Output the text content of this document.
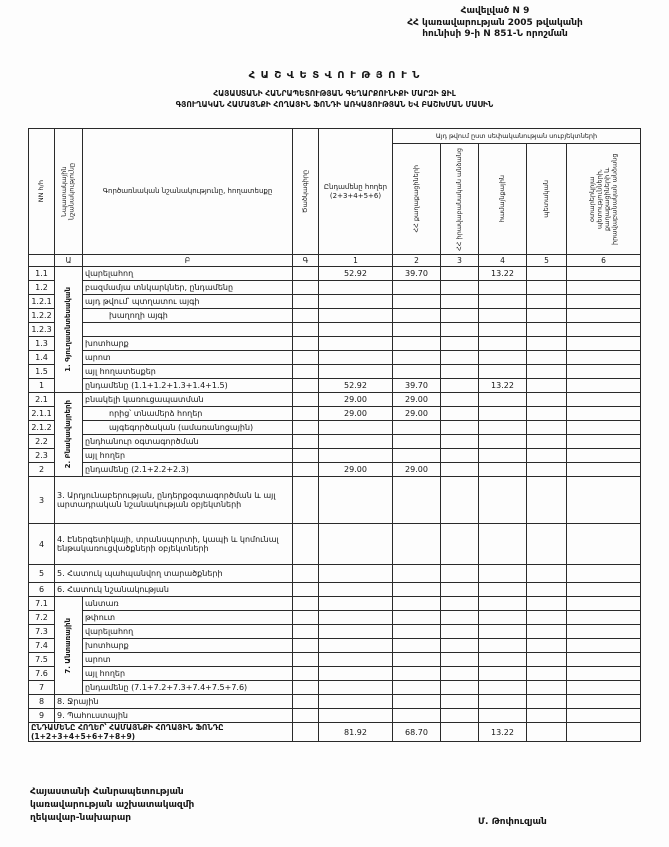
Հավելված N 9
ՀՀ կառավարության 2005 թվականի
հունիսի 9-ի N 851-Ն որոշման
Հ Ա Շ Վ Ե Տ Վ Ո Ւ Թ Յ Ո Ւ Ն
ՀԱՅԱՍՏԱՆԻ ՀԱՆՐԱՊԵՏՈՒԹՅԱՆ ԳԵՂԱՐՔՈՒՆԻՔԻ ՄԱՐԶԻ ՋԻԼ
ԳՅՈՒՂԱԿԱՆ ՀԱՄԱՅՆՔԻ ՀՈՂԱՅԻՆ ՖՈՆԴԻ ԱՌԿԱՅՈՒԹՅԱՆ ԵՎ ԲԱՇԽՄԱՆ ՄԱՍԻՆ
NN հ/հ	Նպատակային նշանակությունը	Գործառնական նշանակությունը, հողատեսքը	Ծածկագիրը	Ընդամենը հողեր (2+3+4+5+6)	Այդ թվում ըստ սեփականության սուբյեկտների				

					ՀՀ քաղաքացիների	ՀՀ իրավաբանական անձանց	համայնքային	պետական	օտարերկրյա պետությունների, քաղաքացիների և իրավաբանական անձանց

	Ա	Բ	Գ	1	2	3	4	5	6
1.1	1. Գյուղատնտեսական	վարելահող		52.92	39.70		13.22		
1.2		բազմամյա տնկարկներ, ընդամենը							
1.2.1		այդ թվում՝ պտղատու այգի							
1.2.2		խաղողի այգի							
1.2.3									
1.3		խոտհարք							
1.4		արոտ							
1.5		այլ հողատեսքեր							
1		ընդամենը (1.1+1.2+1.3+1.4+1.5)		52.92	39.70		13.22		
2.1	2. Բնակավայրերի	բնակելի կառուցապատման		29.00	29.00				
2.1.1		որից՝ տնամերձ հողեր		29.00	29.00				
2.1.2		այգեգործական (ամառանոցային)							
2.2		ընդհանուր օգտագործման							
2.3		այլ հողեր							
2		ընդամենը (2.1+2.2+2.3)		29.00	29.00				
3	3. Արդյունաբերության, ընդերքօգտագործման և այլ արտադրական նշանակության օբյեկտների								
4	4. Էներգետիկայի, տրանսպորտի, կապի և կոմունալ ենթակառուցվածքների օբյեկտների								
5	5. Հատուկ պահպանվող տարածքների								
6	6. Հատուկ նշանակության								
7.1	7. Անտառային	անտառ							
7.2		թփուտ							
7.3		վարելահող							
7.4		խոտհարք							
7.5		արոտ							
7.6		այլ հողեր							
7		ընդամենը (7.1+7.2+7.3+7.4+7.5+7.6)							
8	8. Ջրային								
9	9. Պահուստային								
ԸՆԴԱՄԵՆԸ ՀՈՂԵՐ՝ ՀԱՄԱՅՆՔԻ ՀՈՂԱՅԻՆ ՖՈՆԴԸ (1+2+3+4+5+6+7+8+9)				81.92	68.70		13.22		
Հայաստանի Հանրապետության
կառավարության աշխատակազմի
ղեկավար-նախարար	Մ. Թոփուզյան
